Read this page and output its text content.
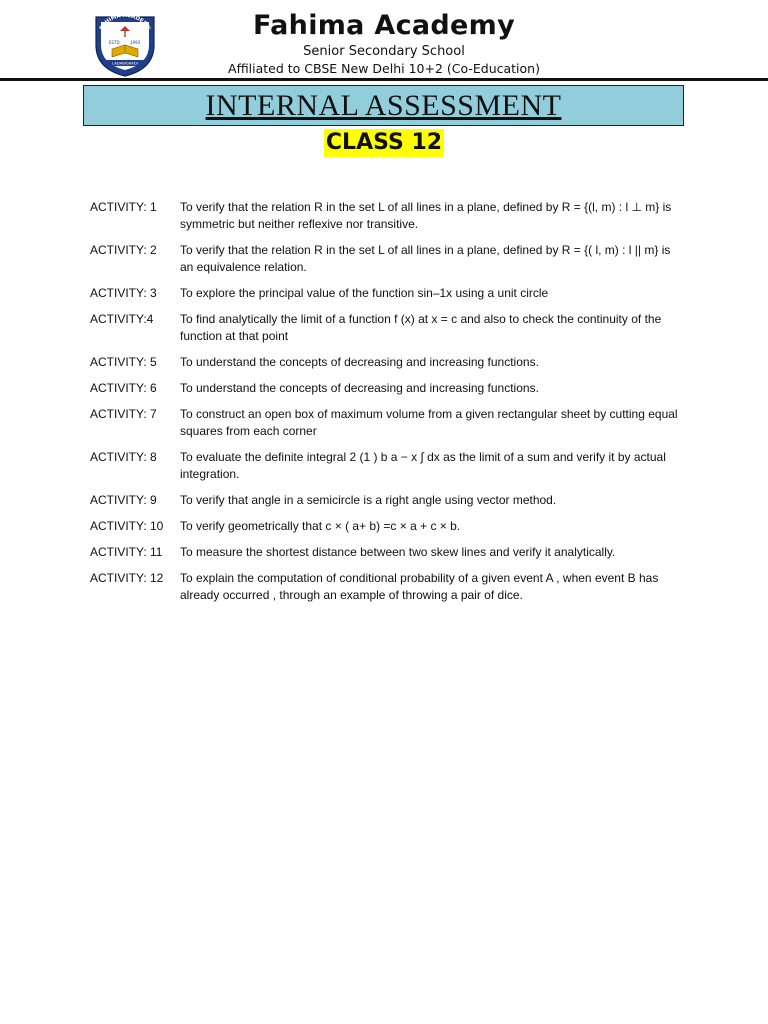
FAHIMA ACADEMY
ESTD	1993
LADAWGRADI
Fahima Academy
Senior Secondary School
Affiliated to CBSE New Delhi 10+2 (Co-Education)
INTERNAL ASSESSMENT
CLASS 12
ACTIVITY: 1	To verify that the relation R in the set L of all lines in a plane, defined by R = {(l, m) : l ⊥ m} is symmetric but neither reflexive nor transitive.
ACTIVITY: 2	To verify that the relation R in the set L of all lines in a plane, defined by R = {( l, m) : l || m} is an equivalence relation.
ACTIVITY: 3	To explore the principal value of the function sin–1x using a unit circle
ACTIVITY:4	To find analytically the limit of a function f (x) at x = c and also to check the continuity of the function at that point
ACTIVITY: 5	To understand the concepts of decreasing and increasing functions.
ACTIVITY: 6	To understand the concepts of decreasing and increasing functions.
ACTIVITY: 7	To construct an open box of maximum volume from a given rectangular sheet by cutting equal squares from each corner
ACTIVITY: 8	To evaluate the definite integral 2 (1 ) b a − x ∫ dx as the limit of a sum and verify it by actual integration.
ACTIVITY: 9	To verify that angle in a semicircle is a right angle using vector method.
ACTIVITY: 10	To verify geometrically that c × ( a+ b) =c × a + c × b.
ACTIVITY: 11	To measure the shortest distance between two skew lines and verify it analytically.
ACTIVITY: 12	To explain the computation of conditional probability of a given event A , when event B has already occurred , through an example of throwing a pair of dice.
